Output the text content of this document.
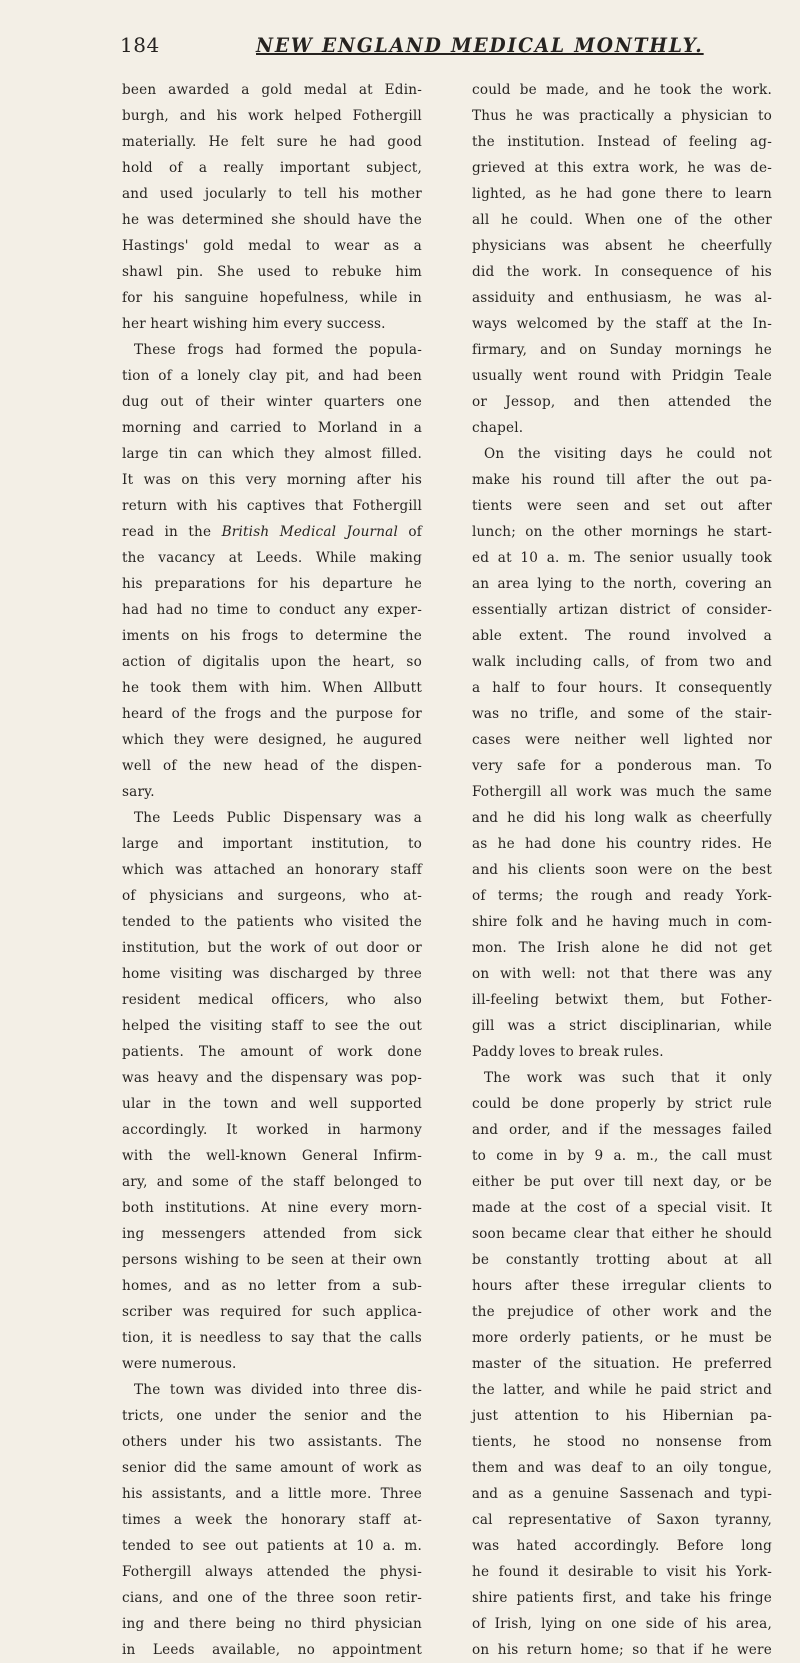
184	NEW ENGLAND MEDICAL MONTHLY.
been awarded a gold medal at Edin-
burgh, and his work helped Fothergill
materially. He felt sure he had good
hold of a really important subject,
and used jocularly to tell his mother
he was determined she should have the
Hastings' gold medal to wear as a
shawl pin. She used to rebuke him
for his sanguine hopefulness, while in
her heart wishing him every success.
These frogs had formed the popula-
tion of a lonely clay pit, and had been
dug out of their winter quarters one
morning and carried to Morland in a
large tin can which they almost filled.
It was on this very morning after his
return with his captives that Fothergill
read in the British Medical Journal of
the vacancy at Leeds. While making
his preparations for his departure he
had had no time to conduct any exper-
iments on his frogs to determine the
action of digitalis upon the heart, so
he took them with him. When Allbutt
heard of the frogs and the purpose for
which they were designed, he augured
well of the new head of the dispen-
sary.
The Leeds Public Dispensary was a
large and important institution, to
which was attached an honorary staff
of physicians and surgeons, who at-
tended to the patients who visited the
institution, but the work of out door or
home visiting was discharged by three
resident medical officers, who also
helped the visiting staff to see the out
patients. The amount of work done
was heavy and the dispensary was pop-
ular in the town and well supported
accordingly. It worked in harmony
with the well-known General Infirm-
ary, and some of the staff belonged to
both institutions. At nine every morn-
ing messengers attended from sick
persons wishing to be seen at their own
homes, and as no letter from a sub-
scriber was required for such applica-
tion, it is needless to say that the calls
were numerous.
The town was divided into three dis-
tricts, one under the senior and the
others under his two assistants. The
senior did the same amount of work as
his assistants, and a little more. Three
times a week the honorary staff at-
tended to see out patients at 10 a. m.
Fothergill always attended the physi-
cians, and one of the three soon retir-
ing and there being no third physician
in Leeds available, no appointment
could be made, and he took the work.
Thus he was practically a physician to
the institution. Instead of feeling ag-
grieved at this extra work, he was de-
lighted, as he had gone there to learn
all he could. When one of the other
physicians was absent he cheerfully
did the work. In consequence of his
assiduity and enthusiasm, he was al-
ways welcomed by the staff at the In-
firmary, and on Sunday mornings he
usually went round with Pridgin Teale
or Jessop, and then attended the
chapel.
On the visiting days he could not
make his round till after the out pa-
tients were seen and set out after
lunch; on the other mornings he start-
ed at 10 a. m. The senior usually took
an area lying to the north, covering an
essentially artizan district of consider-
able extent. The round involved a
walk including calls, of from two and
a half to four hours. It consequently
was no trifle, and some of the stair-
cases were neither well lighted nor
very safe for a ponderous man. To
Fothergill all work was much the same
and he did his long walk as cheerfully
as he had done his country rides. He
and his clients soon were on the best
of terms; the rough and ready York-
shire folk and he having much in com-
mon. The Irish alone he did not get
on with well: not that there was any
ill-feeling betwixt them, but Fother-
gill was a strict disciplinarian, while
Paddy loves to break rules.
The work was such that it only
could be done properly by strict rule
and order, and if the messages failed
to come in by 9 a. m., the call must
either be put over till next day, or be
made at the cost of a special visit. It
soon became clear that either he should
be constantly trotting about at all
hours after these irregular clients to
the prejudice of other work and the
more orderly patients, or he must be
master of the situation. He preferred
the latter, and while he paid strict and
just attention to his Hibernian pa-
tients, he stood no nonsense from
them and was deaf to an oily tongue,
and as a genuine Sassenach and typi-
cal representative of Saxon tyranny,
was hated accordingly. Before long
he found it desirable to visit his York-
shire patients first, and take his fringe
of Irish, lying on one side of his area,
on his return home; so that if he were
